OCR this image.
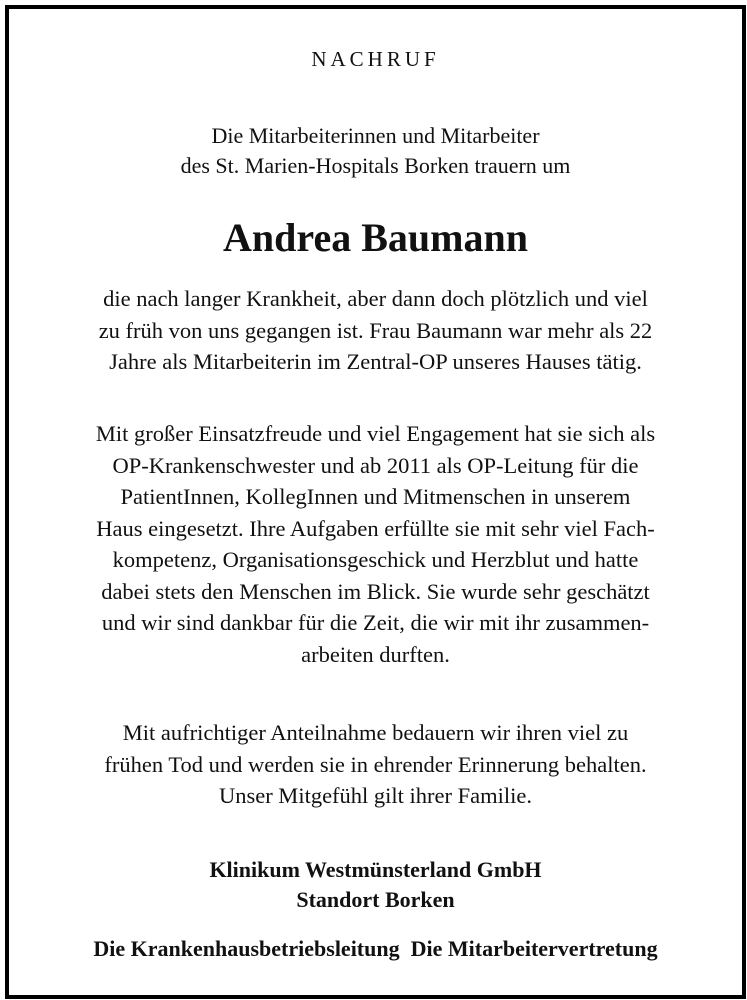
NACHRUF
Die Mitarbeiterinnen und Mitarbeiter
des St. Marien-Hospitals Borken trauern um
Andrea Baumann
die nach langer Krankheit, aber dann doch plötzlich und viel
zu früh von uns gegangen ist. Frau Baumann war mehr als 22
Jahre als Mitarbeiterin im Zentral-OP unseres Hauses tätig.
Mit großer Einsatzfreude und viel Engagement hat sie sich als
OP-Krankenschwester und ab 2011 als OP-Leitung für die
PatientInnen, KollegInnen und Mitmenschen in unserem
Haus eingesetzt. Ihre Aufgaben erfüllte sie mit sehr viel Fach-
kompetenz, Organisationsgeschick und Herzblut und hatte
dabei stets den Menschen im Blick. Sie wurde sehr geschätzt
und wir sind dankbar für die Zeit, die wir mit ihr zusammen-
arbeiten durften.
Mit aufrichtiger Anteilnahme bedauern wir ihren viel zu
frühen Tod und werden sie in ehrender Erinnerung behalten.
Unser Mitgefühl gilt ihrer Familie.
Klinikum Westmünsterland GmbH
Standort Borken
Die Krankenhausbetriebsleitung  Die Mitarbeitervertretung
